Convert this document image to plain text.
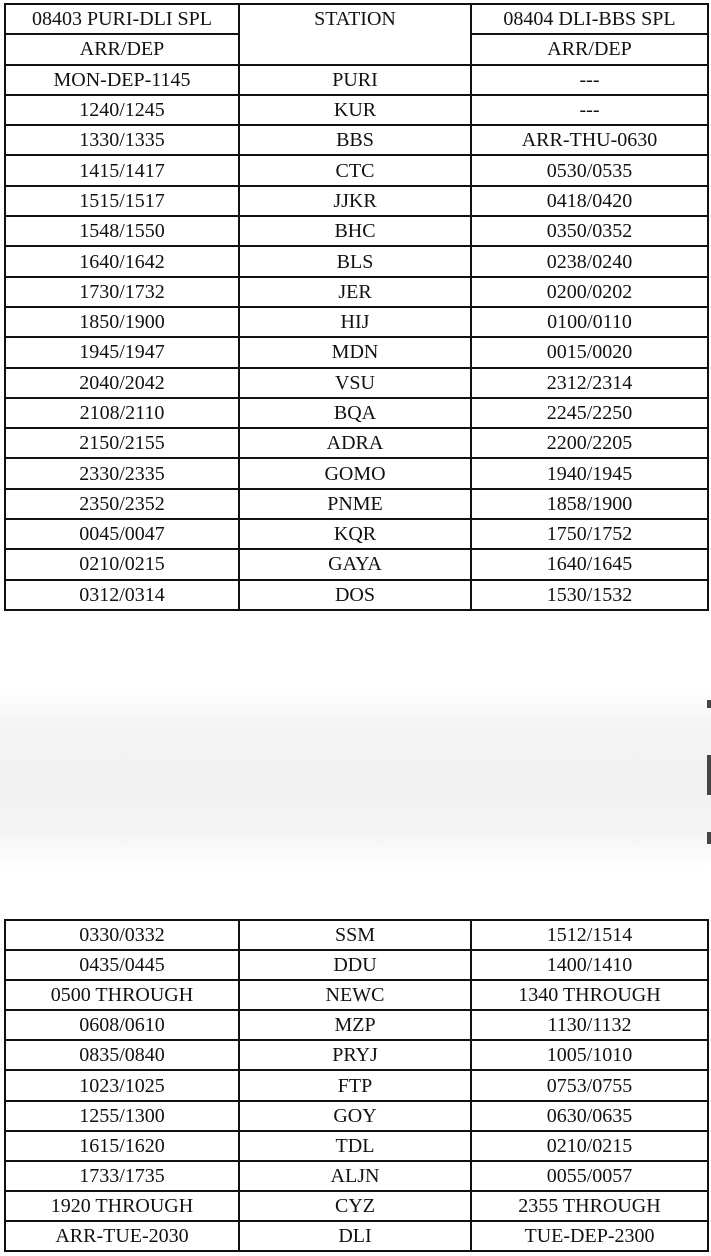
08403 PURI-DLI SPL	STATION	08404 DLI-BBS SPL
ARR/DEP		ARR/DEP
MON-DEP-1145	PURI	---
1240/1245	KUR	---
1330/1335	BBS	ARR-THU-0630
1415/1417	CTC	0530/0535
1515/1517	JJKR	0418/0420
1548/1550	BHC	0350/0352
1640/1642	BLS	0238/0240
1730/1732	JER	0200/0202
1850/1900	HIJ	0100/0110
1945/1947	MDN	0015/0020
2040/2042	VSU	2312/2314
2108/2110	BQA	2245/2250
2150/2155	ADRA	2200/2205
2330/2335	GOMO	1940/1945
2350/2352	PNME	1858/1900
0045/0047	KQR	1750/1752
0210/0215	GAYA	1640/1645
0312/0314	DOS	1530/1532
0330/0332	SSM	1512/1514
0435/0445	DDU	1400/1410
0500 THROUGH	NEWC	1340 THROUGH
0608/0610	MZP	1130/1132
0835/0840	PRYJ	1005/1010
1023/1025	FTP	0753/0755
1255/1300	GOY	0630/0635
1615/1620	TDL	0210/0215
1733/1735	ALJN	0055/0057
1920 THROUGH	CYZ	2355 THROUGH
ARR-TUE-2030	DLI	TUE-DEP-2300
